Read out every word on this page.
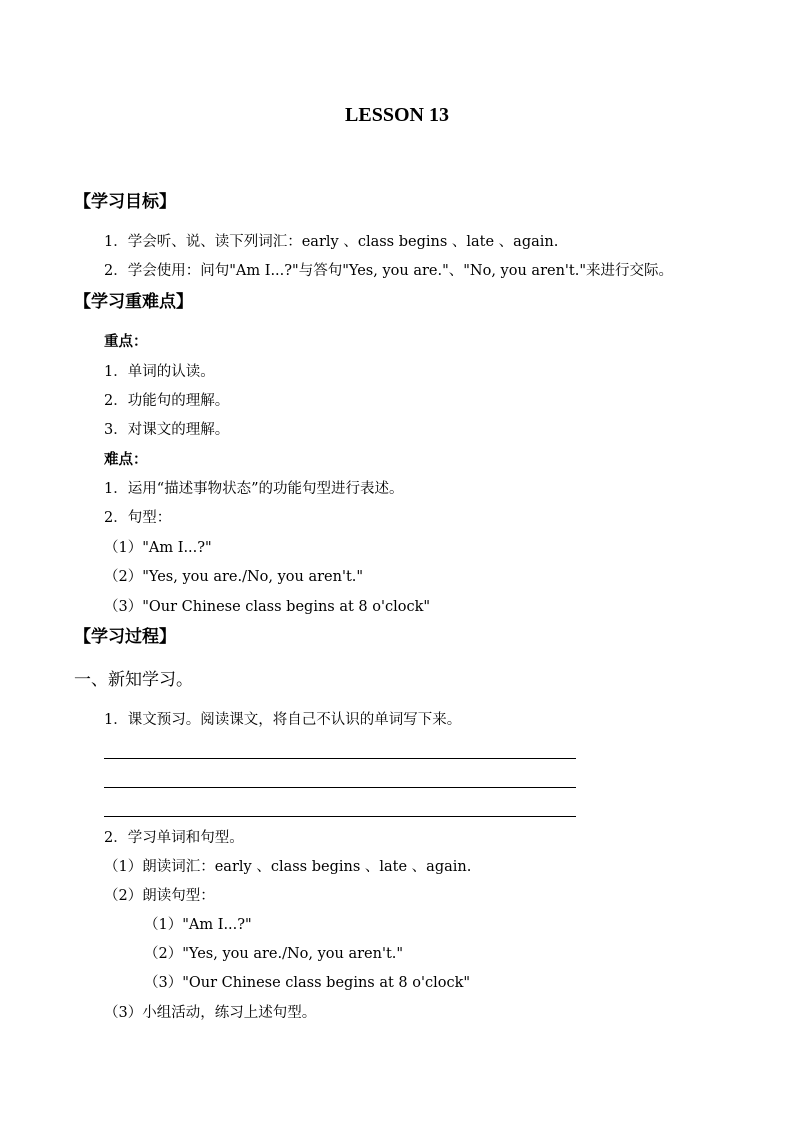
LESSON 13
【学习目标】
1．学会听、说、读下列词汇：early 、class begins 、late 、again.
2．学会使用：问句"Am I...?"与答句"Yes, you are."、"No, you aren't."来进行交际。
【学习重难点】
重点：
1．单词的认读。
2．功能句的理解。
3．对课文的理解。
难点：
1．运用“描述事物状态”的功能句型进行表述。
2．句型：
（1）"Am I...?"
（2）"Yes, you are./No, you aren't."
（3）"Our Chinese class begins at 8 o'clock"
【学习过程】
一、新知学习。
1．课文预习。阅读课文，将自己不认识的单词写下来。
2．学习单词和句型。
（1）朗读词汇：early 、class begins 、late 、again.
（2）朗读句型：
（1）"Am I...?"
（2）"Yes, you are./No, you aren't."
（3）"Our Chinese class begins at 8 o'clock"
（3）小组活动，练习上述句型。
